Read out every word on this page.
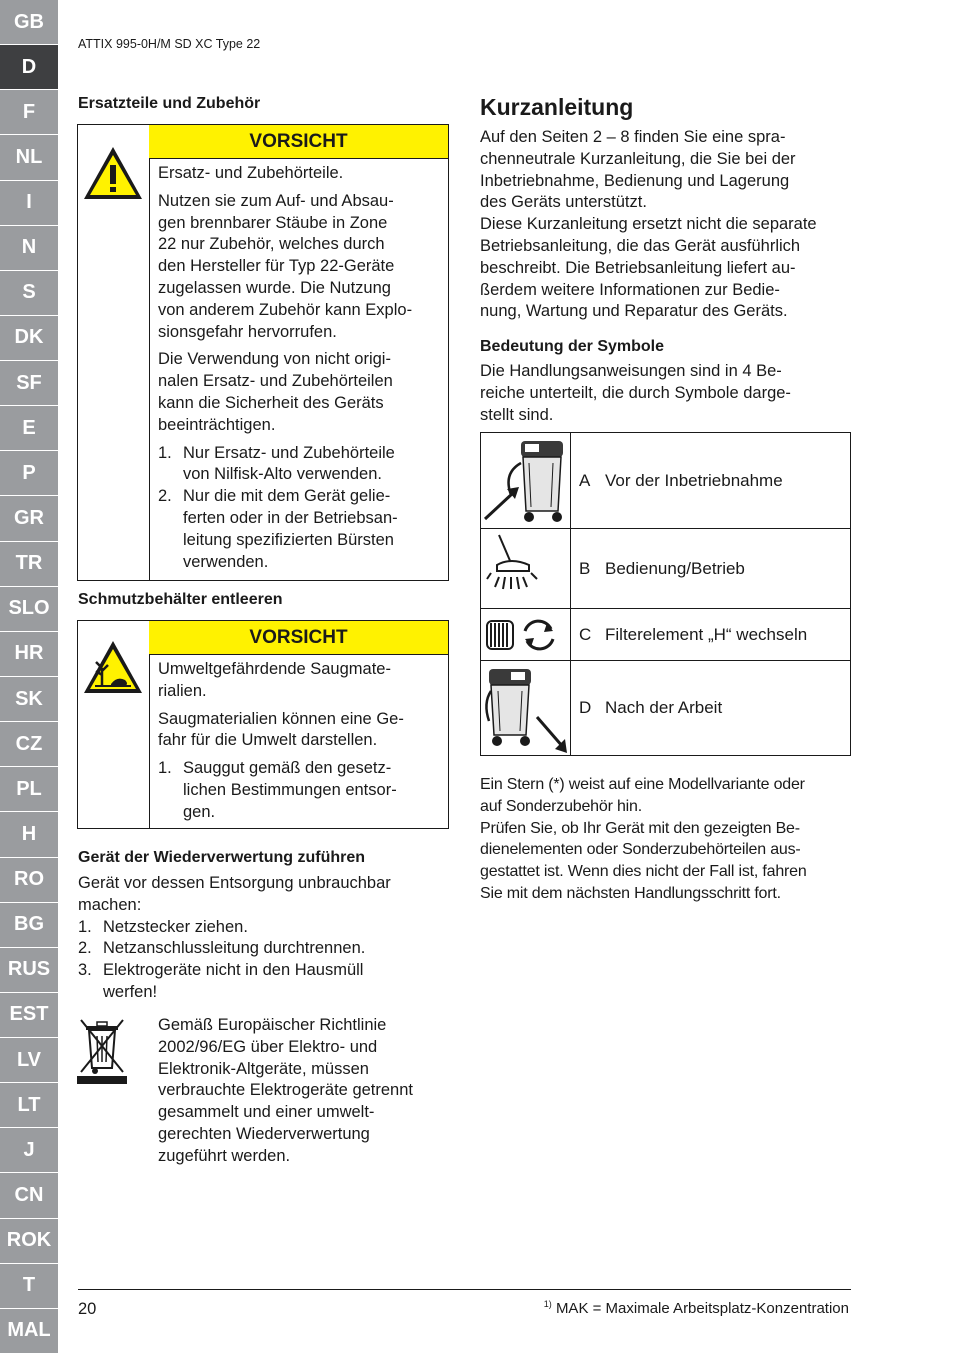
GB
D
F
NL
I
N
S
DK
SF
E
P
GR
TR
SLO
HR
SK
CZ
PL
H
RO
BG
RUS
EST
LV
LT
J
CN
ROK
T
MAL
ATTIX 995-0H/M SD XC Type 22
Ersatzteile und Zubehör
VORSICHT

Ersatz- und Zubehörteile.

Nutzen sie zum Auf- und Absau-
gen brennbarer Stäube in Zone
22 nur Zubehör, welches durch
den Hersteller für Typ 22-Geräte
zugelassen wurde. Die Nutzung
von anderem Zubehör kann Explo-
sionsgefahr hervorrufen.

Die Verwendung von nicht origi-
nalen Ersatz- und Zubehörteilen
kann die Sicherheit des Geräts
beeinträchtigen.

1. Nur Ersatz- und Zubehörteile
von Nilfisk-Alto verwenden.
2. Nur die mit dem Gerät gelie-
ferten oder in der Betriebsan-
leitung spezifizierten Bürsten
verwenden.
Schmutzbehälter entleeren
VORSICHT

Umweltgefährdende Saugmate-
rialien.

Saugmaterialien können eine Ge-
fahr für die Umwelt darstellen.

1. Sauggut gemäß den gesetz-
lichen Bestimmungen entsor-
gen.
Gerät der Wiederverwertung zuführen
Gerät vor dessen Entsorgung unbrauchbar
machen:
1. Netzstecker ziehen.
2. Netzanschlussleitung durchtrennen.
3. Elektrogeräte nicht in den Hausmüll
werfen!
Gemäß Europäischer Richtlinie
2002/96/EG über Elektro- und
Elektronik-Altgeräte, müssen
verbrauchte Elektrogeräte getrennt
gesammelt und einer umwelt-
gerechten Wiederverwertung
zugeführt werden.
Kurzanleitung
Auf den Seiten 2 – 8 finden Sie eine spra-
chenneutrale Kurzanleitung, die Sie bei der
Inbetriebnahme, Bedienung und Lagerung
des Geräts unterstützt.
Diese Kurzanleitung ersetzt nicht die separate
Betriebsanleitung, die das Gerät ausführlich
beschreibt. Die Betriebsanleitung liefert au-
ßerdem weitere Informationen zur Bedie-
nung, Wartung und Reparatur des Geräts.
Bedeutung der Symbole
Die Handlungsanweisungen sind in 4 Be-
reiche unterteilt, die durch Symbole darge-
stellt sind.
A Vor der Inbetriebnahme
B Bedienung/Betrieb
C Filterelement „H“ wechseln
D Nach der Arbeit
Ein Stern (*) weist auf eine Modellvariante oder
auf Sonderzubehör hin.
Prüfen Sie, ob Ihr Gerät mit den gezeigten Be-
dienelementen oder Sonderzubehörteilen aus-
gestattet ist. Wenn dies nicht der Fall ist, fahren
Sie mit dem nächsten Handlungsschritt fort.
20	$^{1)}$ MAK = Maximale Arbeitsplatz-Konzentration
